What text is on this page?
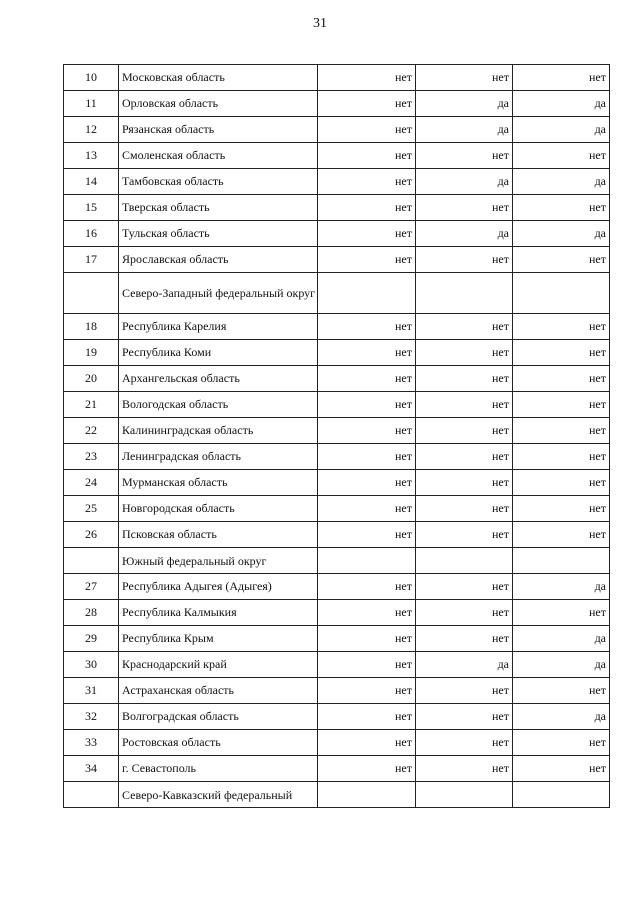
31
10	Московская область	нет	нет	нет
11	Орловская область	нет	да	да
12	Рязанская область	нет	да	да
13	Смоленская область	нет	нет	нет
14	Тамбовская область	нет	да	да
15	Тверская область	нет	нет	нет
16	Тульская область	нет	да	да
17	Ярославская область	нет	нет	нет
	Северо-Западный федеральный округ			
18	Республика Карелия	нет	нет	нет
19	Республика Коми	нет	нет	нет
20	Архангельская область	нет	нет	нет
21	Вологодская область	нет	нет	нет
22	Калининградская область	нет	нет	нет
23	Ленинградская область	нет	нет	нет
24	Мурманская область	нет	нет	нет
25	Новгородская область	нет	нет	нет
26	Псковская область	нет	нет	нет
	Южный федеральный округ			
27	Республика Адыгея (Адыгея)	нет	нет	да
28	Республика Калмыкия	нет	нет	нет
29	Республика Крым	нет	нет	да
30	Краснодарский край	нет	да	да
31	Астраханская область	нет	нет	нет
32	Волгоградская область	нет	нет	да
33	Ростовская область	нет	нет	нет
34	г. Севастополь	нет	нет	нет
	Северо-Кавказский федеральный			
